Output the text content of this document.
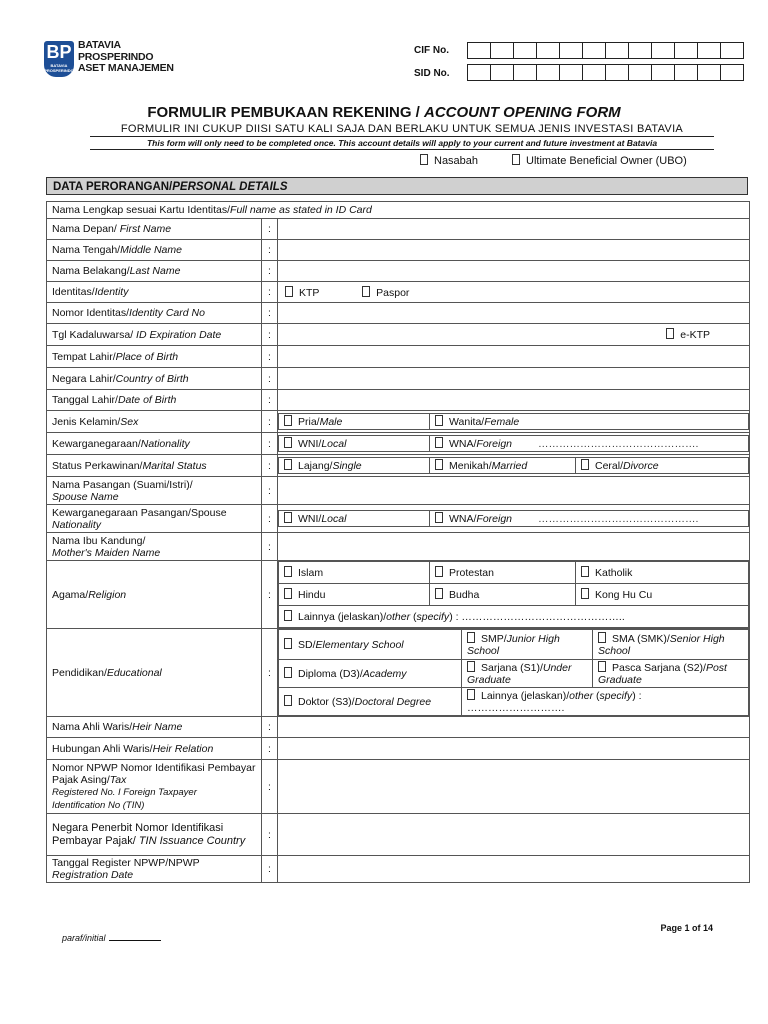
BP
BATAVIA PROSPERINDO
BATAVIA
PROSPERINDO
ASET MANAJEMEN
CIF No.
SID No.
FORMULIR PEMBUKAAN REKENING / ACCOUNT OPENING FORM
FORMULIR INI CUKUP DIISI SATU KALI SAJA DAN BERLAKU UNTUK SEMUA JENIS INVESTASI BATAVIA
This form will only need to be completed once. This account details will apply to your current and future investment at Batavia
Nasabah	Ultimate Beneficial Owner (UBO)
DATA PERORANGAN/PERSONAL DETAILS
Nama Lengkap sesuai Kartu Identitas/Full name as stated in ID Card
Nama Depan/ First Name	:	
Nama Tengah/Middle Name	:	
Nama Belakang/Last Name	:	
Identitas/Identity	:	KTP	Paspor
Nomor Identitas/Identity Card No	:	
Tgl Kadaluwarsa/ ID Expiration Date	:	e-KTP

Tempat Lahir/Place of Birth	:	
Negara Lahir/Country of Birth	:	
Tanggal Lahir/Date of Birth	:	
Jenis Kelamin/Sex	:		Pria/Male	Wanita/Female

Kewarganegaraan/Nationality	:		WNI/Local	WNA/Foreign ……………………………………….

Status Perkawinan/Marital Status	:		Lajang/Single	Menikah/Married	Ceral/Divorce

Nama Pasangan (Suami/Istri)/
Spouse Name	:	
Kewarganegaraan Pasangan/Spouse
Nationality	:		WNI/Local	WNA/Foreign ……………………………………….

Nama Ibu Kandung/
Mother's Maiden Name	:	
Agama/Religion	:	
Islam	Protestan	Katholik
Hindu	Budha	Kong Hu Cu
Lainnya (jelaskan)/other (specify) : ………………………………………..

Pendidikan/Educational	:	
SD/Elementary School	SMP/Junior High School	SMA (SMK)/Senior High School
Diploma (D3)/Academy	Sarjana (S1)/Under Graduate	Pasca Sarjana (S2)/Post Graduate
Doktor (S3)/Doctoral Degree	Lainnya (jelaskan)/other (specify) :
……………………….

Nama Ahli Waris/Heir Name	:	
Hubungan Ahli Waris/Heir Relation	:	
Nomor NPWP Nomor Identifikasi Pembayar Pajak Asing/Tax
Registered No. I Foreign Taxpayer
Identification No (TIN)	:	
Negara Penerbit Nomor Identifikasi Pembayar Pajak/ TIN Issuance Country	:	
Tanggal Register NPWP/NPWP
Registration Date	:	
Page 1 of 14
paraf/initial
